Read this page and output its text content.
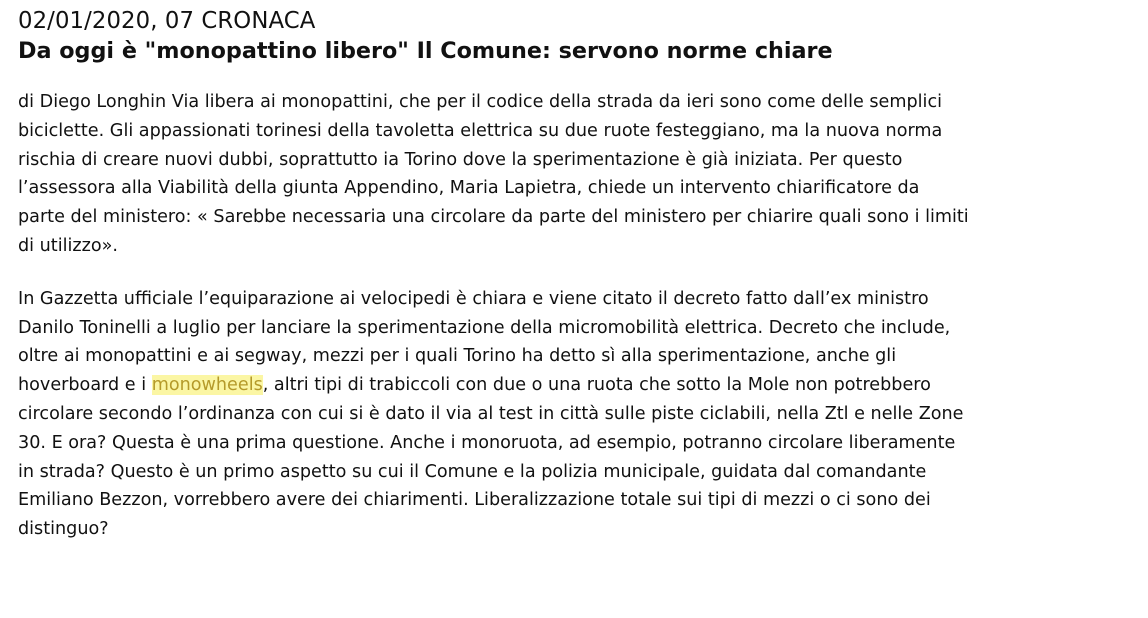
02/01/2020, 07 CRONACA
Da oggi è "monopattino libero" Il Comune: servono norme chiare
di Diego Longhin Via libera ai monopattini, che per il codice della strada da ieri sono come delle semplici
biciclette. Gli appassionati torinesi della tavoletta elettrica su due ruote festeggiano, ma la nuova norma
rischia di creare nuovi dubbi, soprattutto ia Torino dove la sperimentazione è già iniziata. Per questo
l’assessora alla Viabilità della giunta Appendino, Maria Lapietra, chiede un intervento chiarificatore da
parte del ministero: « Sarebbe necessaria una circolare da parte del ministero per chiarire quali sono i limiti
di utilizzo».
In Gazzetta ufficiale l’equiparazione ai velocipedi è chiara e viene citato il decreto fatto dall’ex ministro
Danilo Toninelli a luglio per lanciare la sperimentazione della micromobilità elettrica. Decreto che include,
oltre ai monopattini e ai segway, mezzi per i quali Torino ha detto sì alla sperimentazione, anche gli
hoverboard e i monowheels, altri tipi di trabiccoli con due o una ruota che sotto la Mole non potrebbero
circolare secondo l’ordinanza con cui si è dato il via al test in città sulle piste ciclabili, nella Ztl e nelle Zone
30. E ora? Questa è una prima questione. Anche i monoruota, ad esempio, potranno circolare liberamente
in strada? Questo è un primo aspetto su cui il Comune e la polizia municipale, guidata dal comandante
Emiliano Bezzon, vorrebbero avere dei chiarimenti. Liberalizzazione totale sui tipi di mezzi o ci sono dei
distinguo?
